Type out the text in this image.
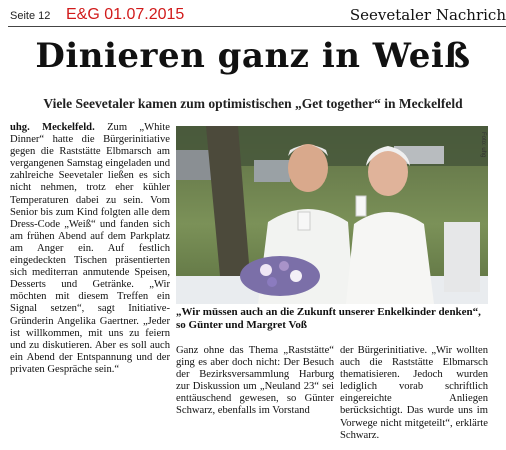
Seite 12 E&G 01.07.2015	Seevetaler Nachrich
Dinieren ganz in Weiß
Viele Seevetaler kamen zum optimistischen „Get together“ in Meckelfeld
uhg. Meckelfeld. Zum „White Dinner“ hatte die Bürgerinitiative gegen die Raststätte Elbmarsch am vergangenen Samstag eingeladen und zahlreiche Seevetaler ließen es sich nicht nehmen, trotz eher kühler Temperaturen dabei zu sein. Vom Senior bis zum Kind folgten alle dem Dress-Code „Weiß“ und fanden sich am frühen Abend auf dem Parkplatz am Anger ein. Auf festlich eingedeckten Tischen präsentierten sich mediterran anmutende Speisen, Desserts und Getränke. „Wir möchten mit diesem Treffen ein Signal setzen“, sagt Initiative-Gründerin Angelika Gaertner. „Jeder ist willkommen, mit uns zu feiern und zu diskutieren. Aber es soll auch ein Abend der Entspannung und der privaten Gespräche sein.“
Foto: uhg
„Wir müssen auch an die Zukunft unserer Enkelkinder denken“, so Günter und Margret Voß
Ganz ohne das Thema „Raststätte“ ging es aber doch nicht: Der Besuch der Bezirksversammlung Harburg zur Diskussion um „Neuland 23“ sei enttäuschend gewesen, so Günter Schwarz, ebenfalls im Vorstand
der Bürgerinitiative. „Wir wollten auch die Raststätte Elbmarsch thematisieren. Jedoch wurden lediglich vorab schriftlich eingereichte Anliegen berücksichtigt. Das wurde uns im Vorwege nicht mitgeteilt“, erklärte Schwarz.
